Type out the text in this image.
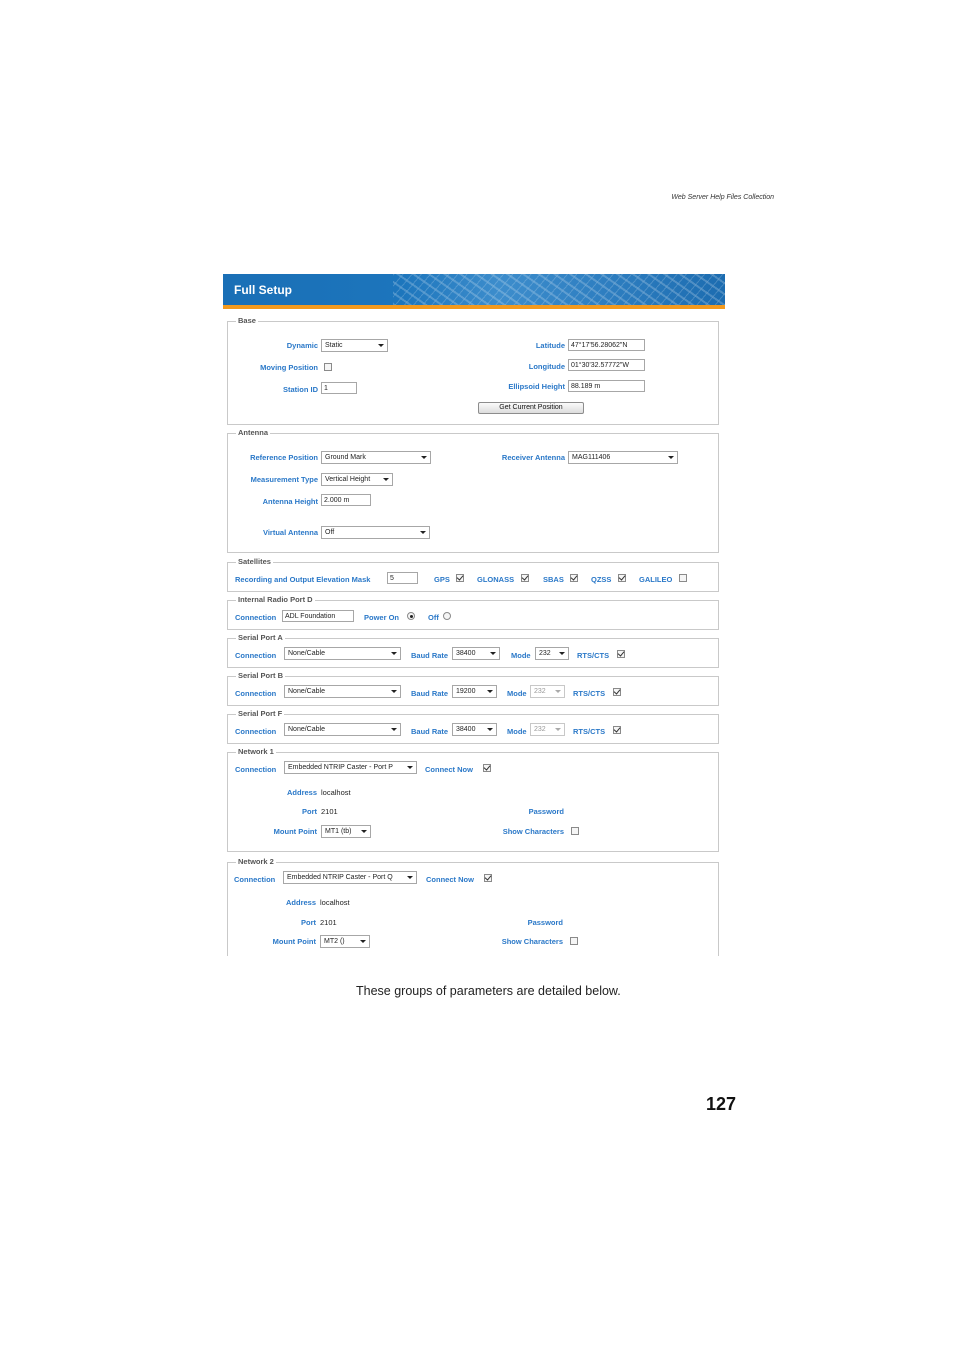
Web Server Help Files Collection
Full Setup
Base
Dynamic	Static
Moving Position
Station ID 1
Latitude 47°17'56.28062"N
Longitude 01°30'32.57772"W
Ellipsoid Height 88.189 m
Get Current Position
Antenna
Reference Position	Ground Mark
Measurement Type	Vertical Height
Antenna Height 2.000 m
Virtual Antenna	Off
Receiver Antenna	MAG111406
Satellites
Recording and Output Elevation Mask	5	GPS	GLONASS	SBAS	QZSS	GALILEO
Internal Radio Port D
Connection	ADL Foundation	Power On	Off
Serial Port A
Connection	None/Cable	Baud Rate	38400	Mode	232	RTS/CTS
Serial Port B
Connection	None/Cable	Baud Rate	19200	Mode	232	RTS/CTS
Serial Port F
Connection	None/Cable	Baud Rate	38400	Mode	232	RTS/CTS
Network 1
Connection	Embedded NTRIP Caster - Port P	Connect Now
Address localhost
Port 2101
Mount Point	MT1 (tb)
Password
Show Characters
Network 2
Connection	Embedded NTRIP Caster - Port Q	Connect Now
Address localhost
Port 2101
Mount Point	MT2 ()
Password
Show Characters
These groups of parameters are detailed below.
127
